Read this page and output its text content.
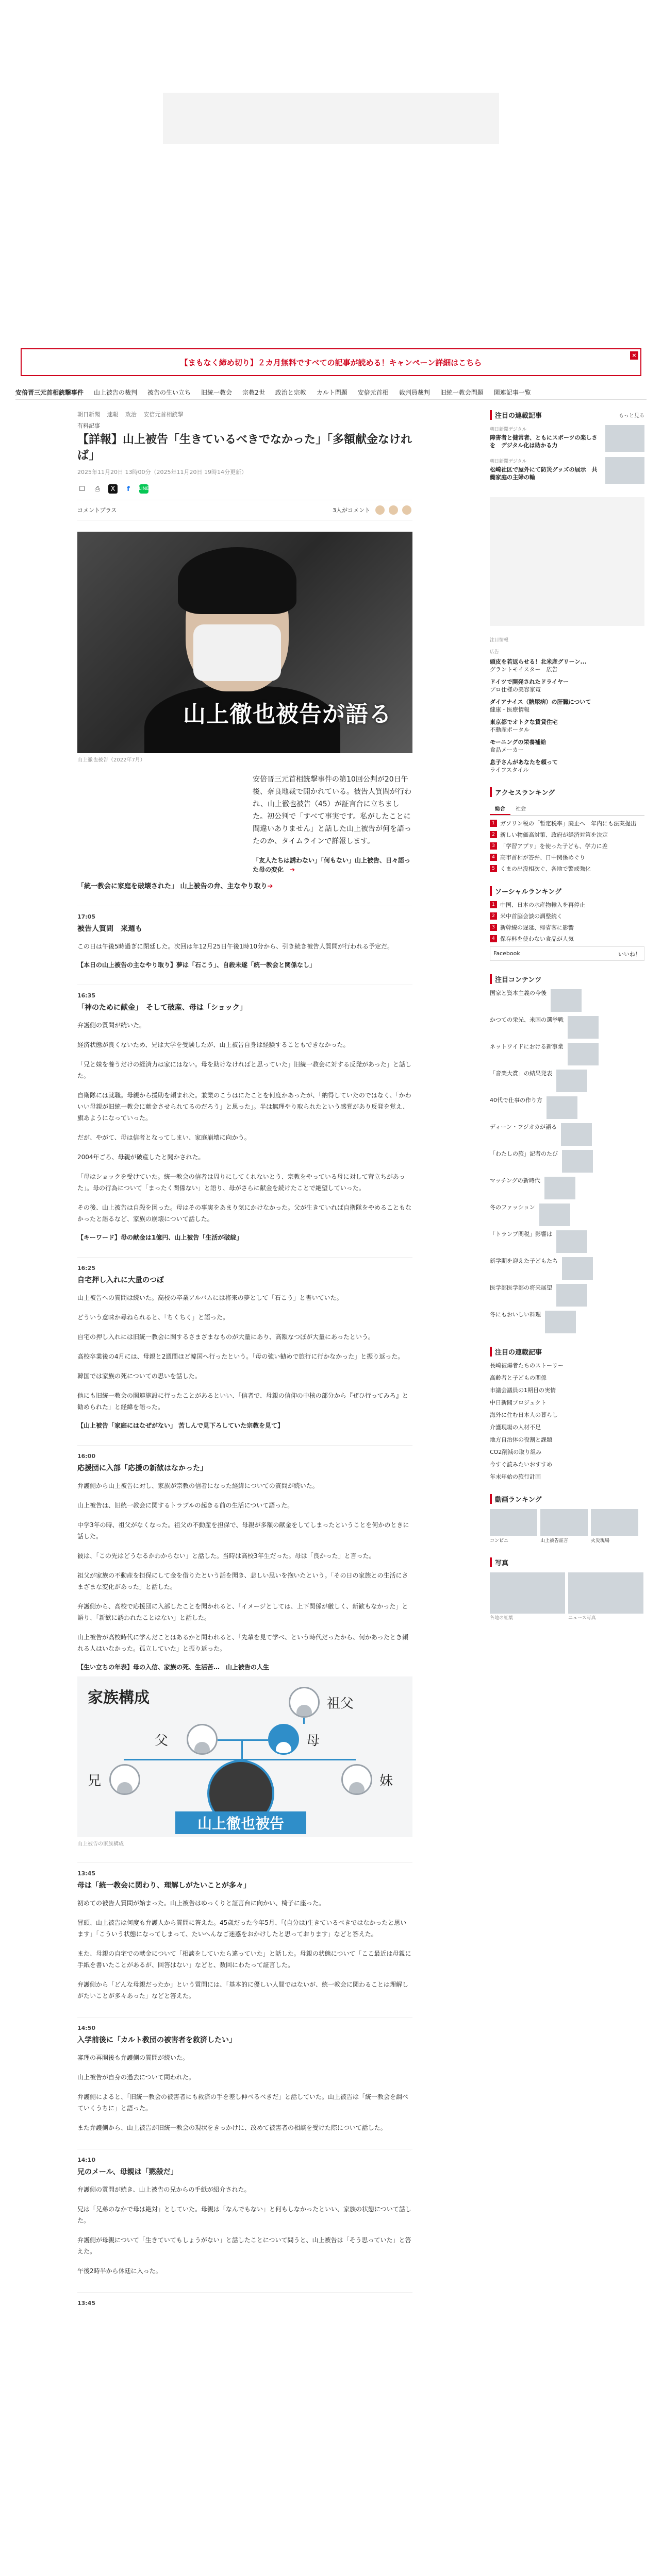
【まもなく締め切り】２カ月無料ですべての記事が読める！キャンペーン詳細はこちら
×
安倍晋三元首相銃撃事件 山上被告の裁判 被告の生い立ち 旧統一教会 宗教2世 政治と宗教 カルト問題 安倍元首相 裁判員裁判 旧統一教会問題 関連記事一覧
朝日新聞 速報 政治 安倍元首相銃撃
有料記事
【詳報】山上被告「生きているべきでなかった」「多額献金なければ」
2025年11月20日 13時00分（2025年11月20日 19時14分更新）
☐ ⎙	X	f	LINE
コメントプラス	3人がコメント
山上徹也被告が語る
山上徹也被告（2022年7月）
安倍晋三元首相銃撃事件の第10回公判が20日午後、奈良地裁で開かれている。被告人質問が行われ、山上徹也被告（45）が証言台に立ちました。初公判で「すべて事実です。私がしたことに間違いありません」と話した山上被告が何を語ったのか、タイムラインで詳報します。
「友人たちは誘わない」「何もない」山上被告、日々語った母の変化　➔
「統一教会に家庭を破壊された」 山上被告の弁、主なやり取り➔
17:05
被告人質問　来週も

この日は午後5時過ぎに閉廷した。次回は年12月25日午後1時10分から、引き続き被告人質問が行われる予定だ。

【本日の山上被告の主なやり取り】夢は「石こう」、自殺未遂「統一教会と関係なし」
16:35
「神のために献金」　そして破産、母は「ショック」

弁護側の質問が続いた。

経済状態が良くないため、兄は大学を受験したが、山上被告自身は経験することもできなかった。

「兄と妹を養うだけの経済力は家にはない。母を助けなければと思っていた」旧統一教会に対する反発があった」と話した。

自衛隊には就職。母親から援助を頼まれた。兼業のこうはにたことを何度かあったが、「納得していたのではなく、「かわいい母親が旧統一教会に献金させられてるのだろう」と思った」。半は無理やり取られたという感覚があり反発を覚え、旗あようになっていった。

だが、やがて、母は信者となってしまい、家庭崩壊に向かう。

2004年ごろ、母親が破産したと聞かされた。

「母はショックを受けていた。統一教会の信者は周りにしてくれないとう、宗教をやっている母に対して苛立ちがあった」。母の行為について「まったく関係ない」と語り、母がさらに献金を続けたことで絶望していった。

その後、山上被告は自殺を図った。母はその事実をあまり気にかけなかった。父が生きていれば自衛隊をやめることもなかったと語るなど、家族の崩壊について話した。

【キーワード】母の献金は1億円、山上被告「生活が破綻」
16:25
自宅押し入れに大量のつぼ

山上被告への質問は続いた。高校の卒業アルバムには将来の夢として「石こう」と書いていた。

どういう意味か尋ねられると、「ちくちく」と語った。

自宅の押し入れには旧統一教会に関するさまざまなものが大量にあり、高額なつぼが大量にあったという。

高校卒業後の4月には、母親と2週間ほど韓国へ行ったという。「母の強い勧めで旅行に行かなかった」と振り返った。

韓国では家族の死についての思いを話した。

他にも旧統一教会の関連施設に行ったことがあるといい、「信者で、母親の信仰の中核の部分から『ぜひ行ってみろ』と勧められた」と経緯を語った。

【山上被告「家庭にはなぜがない」 苦しんで見下ろしていた宗教を見て】
16:00
応援団に入部「応援の新歓はなかった」

弁護側から山上被告に対し、家族が宗教の信者になった経緯についての質問が続いた。

山上被告は、旧統一教会に関するトラブルの起きる前の生活について語った。

中学3年の時、祖父がなくなった。祖父の不動産を担保で、母親が多額の献金をしてしまったということを何かのときに話した。

彼は、「この先はどうなるかわからない」と話した。当時は高校3年生だった。母は「良かった」と言った。

祖父が家族の不動産を担保にして金を借りたという話を聞き、悲しい思いを抱いたという。「その日の家族との生活にさまざまな変化があった」と話した。

弁護側から、高校で応援団に入部したことを聞かれると、「イメージとしては、上下関係が厳しく、新歓もなかった」と語り、「新歓に誘われたことはない」と話した。

山上被告が高校時代に学んだことはあるかと問われると、「先輩を見て学べ、という時代だったから、何かあったとき頼れる人はいなかった。孤立していた」と振り返った。

【生い立ちの年表】母の入信、家族の死、生活苦…　山上被告の人生
家族構成	祖父
父	母
兄	妹
山上徹也被告
山上被告の家族構成
13:45
母は「統一教会に関わり、理解しがたいことが多々」

初めての被告人質問が始まった。山上被告はゆっくりと証言台に向かい、椅子に座った。

冒頭、山上被告は何度も弁護人から質問に答えた。45歳だった今年5月、「(自分は)生きているべきではなかったと思います」「こういう状態になってしまって、たいへんなご迷惑をおかけしたと思っております」などと答えた。

また、母親の自宅での献金について「相談をしていたら違っていた」と話した。母親の状態について「ここ最近は母親に手紙を書いたことがあるが、回答はない」などと、数回にわたって証言した。

弁護側から「どんな母親だったか」という質問には、「基本的に優しい人間ではないが、統一教会に関わることは理解しがたいことが多々あった」などと答えた。

14:50
入学前後に「カルト教団の被害者を救済したい」

審理の再開後も弁護側の質問が続いた。

山上被告が自身の過去について問われた。

弁護側によると、「旧統一教会の被害者にも救済の手を差し伸べるべきだ」と話していた。山上被告は「統一教会を調べていくうちに」と語った。

また弁護側から、山上被告が旧統一教会の現状をきっかけに、改めて被害者の相談を受けた際について話した。

14:10
兄のメール、母親は「黙殺だ」

弁護側の質問が続き、山上被告の兄からの手紙が紹介された。

兄は「兄弟のなかで母は絶対」としていた。母親は「なんでもない」と何もしなかったといい、家族の状態について話した。

弁護側が母親について「生きていてもしょうがない」と話したことについて問うと、山上被告は「そう思っていた」と答えた。

午後2時半から休廷に入った。

13:45
注目の連載記事	もっと見る
朝日新聞デジタル
障害者と健常者、ともにスポーツの楽しさを　デジタル化は助かる力
朝日新聞デジタル
松崎社区で屋外にて防災グッズの展示　共働家庭の主婦の輪
注目情報
広告
頭皮を若返らせる！北米産グリーン...
グラントモイスター　広告
ドイツで開発されたドライヤー
プロ仕様の美容家電
ダイアナイス（糖尿病）の肝臓について
健康・医療情報
東京都でオトクな賃貸住宅
不動産ポータル
モーニングの栄養補給
食品メーカー
息子さんがあなたを頼って
ライフスタイル
アクセスランキング
総合	社会
1 ガソリン税の「暫定税率」廃止へ　年内にも法案提出
2 新しい物価高対策、政府が経済対策を決定
3 「学習アプリ」を使った子ども、学力に差
4 高市首相が答弁、日中関係めぐり
5 くまの出没相次ぐ、各地で警戒強化
ソーシャルランキング
1 中国、日本の水産物輸入を再停止
2 米中首脳会談の調整続く
3 新幹線の遅延、帰省客に影響
4 保存料を使わない食品が人気
Facebook	いいね！
注目コンテンツ
国家と資本主義の今後
かつての栄光、米国の選挙戦
ネットワイドにおける新事業
「音楽大賞」の結果発表
40代で仕事の作り方
ディーン・フジオカが語る
「わたしの旅」記者のたび
マッチングの新時代
冬のファッション
「トランプ関税」影響は
新学期を迎えた子どもたち
医学部医学部の将来展望
冬にもおいしい料理
注目の連載記事
長崎被爆者たちのストーリー
高齢者と子どもの関係
市議会議員の1期目の実情
中日新聞プロジェクト
海外に住む日本人の暮らし
介護現場の人材不足
地方自治体の役割と課題
CO2削減の取り組み
今すぐ読みたいおすすめ
年末年始の旅行計画
動画ランキング
コンビニ	山上被告証言	火災現場
写真
各地の紅葉	ニュース写真
